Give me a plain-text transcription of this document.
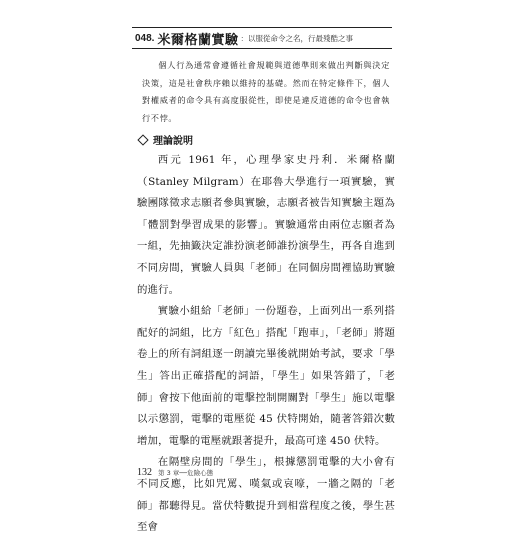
048. 米爾格蘭實驗 ：以服從命令之名，行最殘酷之事

個人行為通常會遵循社會規範與道德準則來做出判斷與決定決策，這是社會秩序賴以維持的基礎。然而在特定條件下，個人對權威者的命令具有高度服從性，即使是違反道德的命令也會執行不悖。

理論說明

西元 1961 年，心理學家史丹利．米爾格蘭（Stanley Milgram）在耶魯大學進行一項實驗，實驗團隊徵求志願者參與實驗，志願者被告知實驗主題為「體罰對學習成果的影響」。實驗通常由兩位志願者為一組，先抽籤決定誰扮演老師誰扮演學生，再各自進到不同房間，實驗人員與「老師」在同個房間裡協助實驗的進行。

實驗小組給「老師」一份題卷，上面列出一系列搭配好的詞組，比方「紅色」搭配「跑車」，「老師」將題卷上的所有詞組逐一朗讀完畢後就開始考試，要求「學生」答出正確搭配的詞語，「學生」如果答錯了，「老師」會按下他面前的電擊控制開關對「學生」施以電擊以示懲罰，電擊的電壓從 45 伏特開始，隨著答錯次數增加，電擊的電壓就跟著提升，最高可達 450 伏特。

在隔壁房間的「學生」，根據懲罰電擊的大小會有不同反應，比如咒罵、嘆氣或哀嚎，一牆之隔的「老師」都聽得見。當伏特數提升到相當程度之後，學生甚至會

132 第 3 章──危險心態
